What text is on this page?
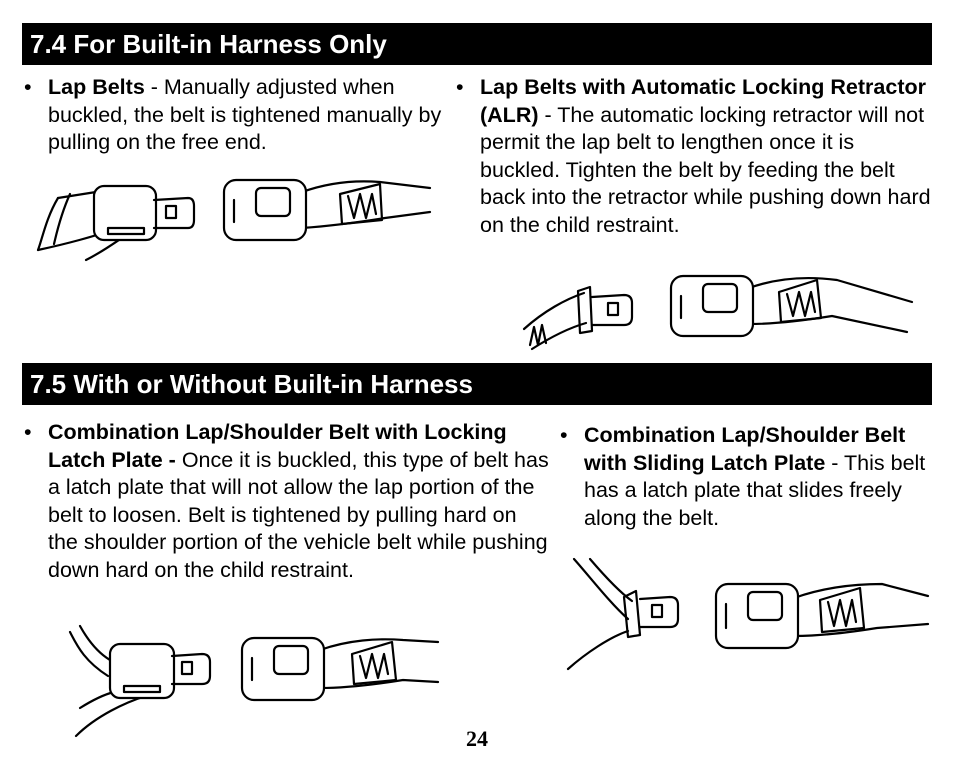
7.4 For Built-in Harness Only

• Lap Belts - Manually adjusted when buckled, the belt is tightened manually by pulling on the free end.

• Lap Belts with Automatic Locking Retractor (ALR) - The automatic locking retractor will not permit the lap belt to lengthen once it is buckled. Tighten the belt by feeding the belt back into the retractor while pushing down hard on the child restraint.

7.5 With or Without Built-in Harness

• Combination Lap/Shoulder Belt with Locking Latch Plate - Once it is buckled, this type of belt has a latch plate that will not allow the lap portion of the belt to loosen. Belt is tightened by pulling hard on the shoulder portion of the vehicle belt while pushing down hard on the child restraint.

• Combination Lap/Shoulder Belt with Sliding Latch Plate - This belt has a latch plate that slides freely along the belt.

24
